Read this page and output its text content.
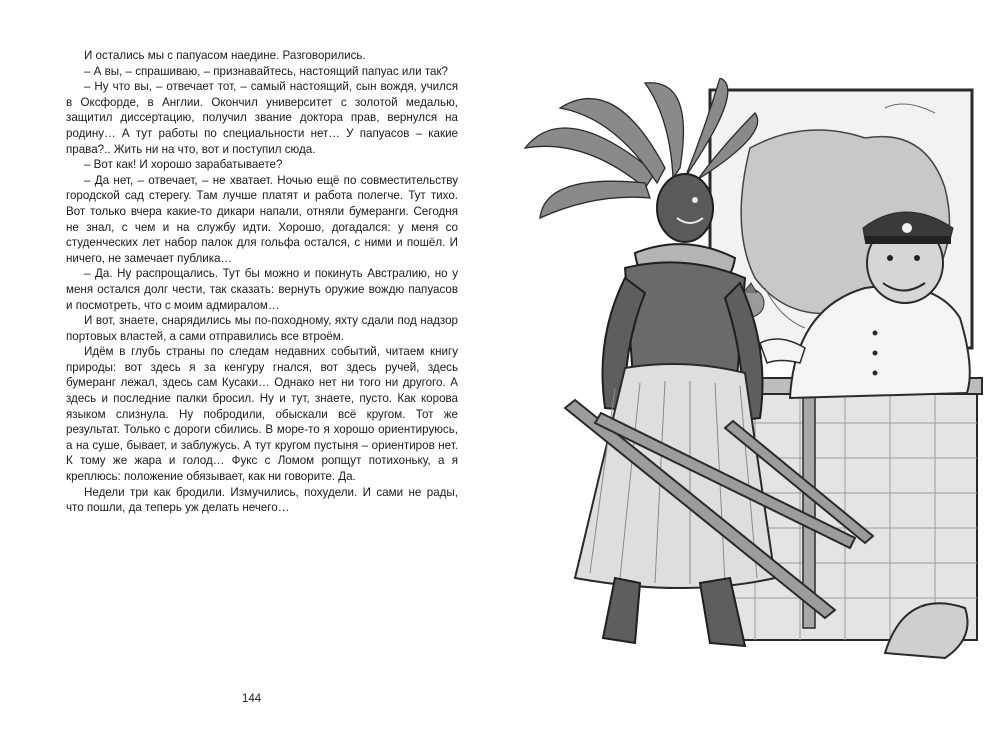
И остались мы с папуасом наедине. Разговорились.

– А вы, – спрашиваю, – признавайтесь, настоящий папуас или так?

– Ну что вы, – отвечает тот, – самый настоящий, сын вождя, учился в Оксфорде, в Англии. Окончил университет с золотой медалью, защитил диссертацию, получил звание доктора прав, вернулся на родину… А тут работы по специальности нет… У папуасов – какие права?.. Жить ни на что, вот и поступил сюда.

– Вот как! И хорошо зарабатываете?

– Да нет, – отвечает, – не хватает. Ночью ещё по совместительству городской сад стерегу. Там лучше платят и работа полегче. Тут тихо. Вот только вчера какие-то дикари напали, отняли бумеранги. Сегодня не знал, с чем и на службу идти. Хорошо, догадался: у меня со студенческих лет набор палок для гольфа остался, с ними и пошёл. И ничего, не замечает публика…

– Да. Ну распрощались. Тут бы можно и покинуть Австралию, но у меня остался долг чести, так сказать: вернуть оружие вождю папуасов и посмотреть, что с моим адмиралом…

И вот, знаете, снарядились мы по-походному, яхту сдали под надзор портовых властей, а сами отправились все втроём.

Идём в глубь страны по следам недавних событий, читаем книгу природы: вот здесь я за кенгуру гнался, вот здесь ручей, здесь бумеранг лежал, здесь сам Кусаки… Однако нет ни того ни другого. А здесь и последние палки бросил. Ну и тут, знаете, пусто. Как корова языком слизнула. Ну побродили, обыскали всё кругом. Тот же результат. Только с дороги сбились. В море-то я хорошо ориентируюсь, а на суше, бывает, и заблужусь. А тут кругом пустыня – ориентиров нет. К тому же жара и голод… Фукс с Ломом ропщут потихоньку, а я креплюсь: положение обязывает, как ни говорите. Да.

Недели три как бродили. Измучились, похудели. И сами не рады, что пошли, да теперь уж делать нечего…

144
